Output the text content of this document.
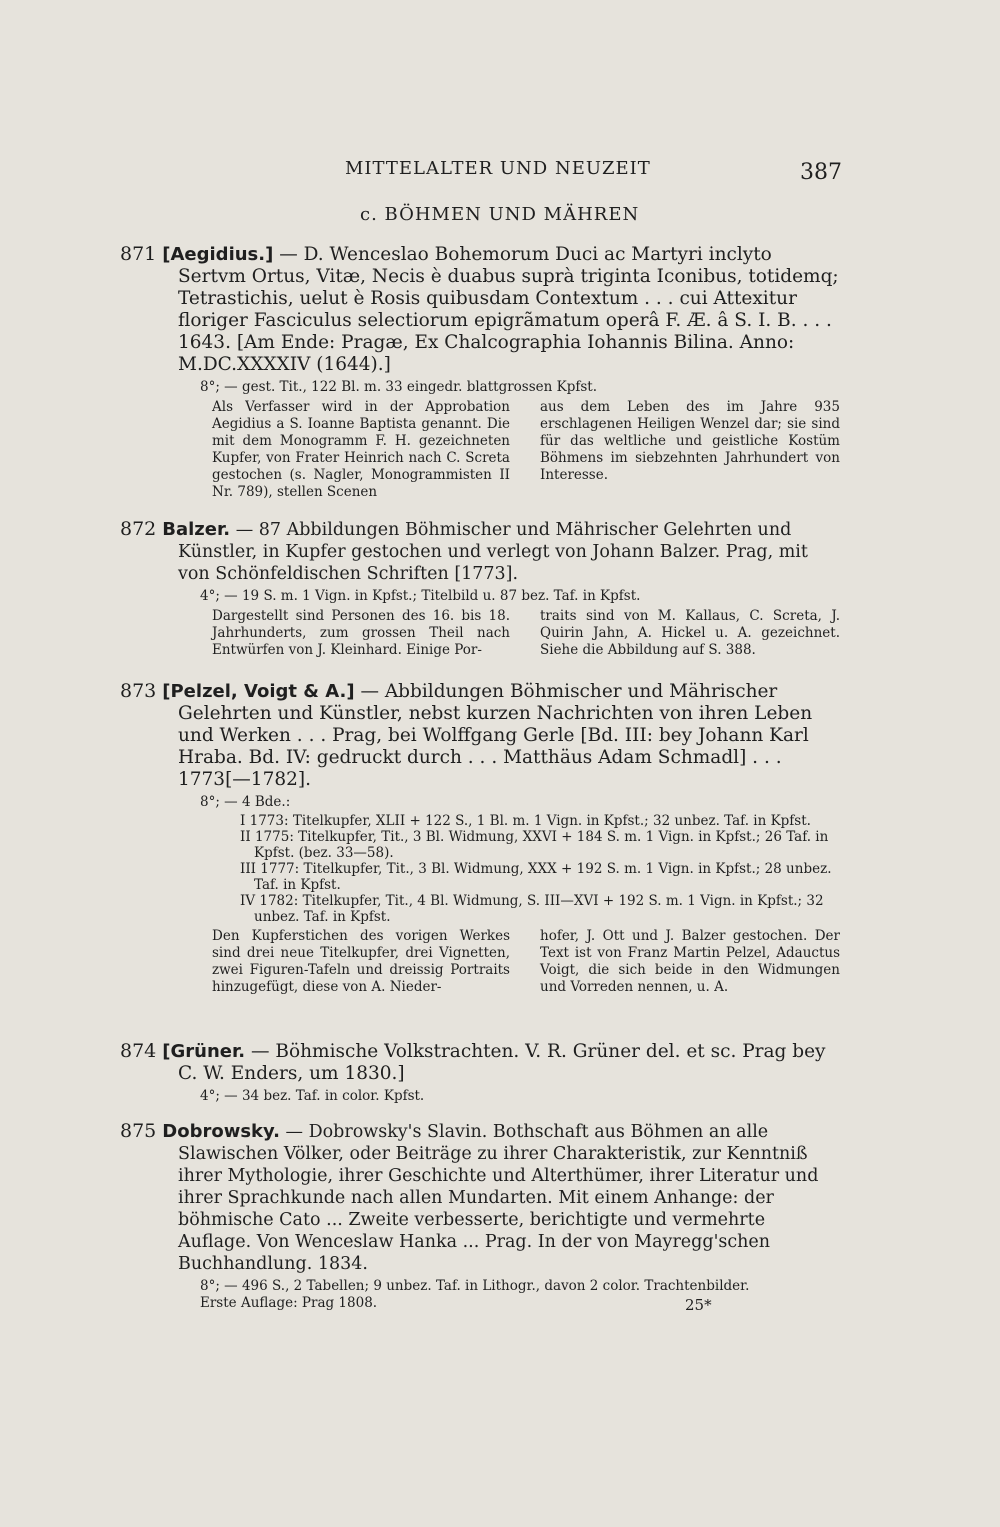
MITTELALTER UND NEUZEIT	387
c. BÖHMEN UND MÄHREN

871 [Aegidius.] — D. Wenceslao Bohemorum Duci ac Martyri inclyto Sertvm Ortus, Vitæ, Necis è duabus suprà triginta Iconibus, totidemq; Tetrastichis, uelut è Rosis quibusdam Contextum . . . cui Attexitur floriger Fasciculus selectiorum epigrãmatum operâ F. Æ. â S. I. B. . . . 1643. [Am Ende: Pragæ, Ex Chalcographia Iohannis Bilina. Anno: M.DC.XXXXIV (1644).]

8°; — gest. Tit., 122 Bl. m. 33 eingedr. blattgrossen Kpfst.
Als Verfasser wird in der Approbation Aegidius a S. Ioanne Baptista genannt. Die mit dem Monogramm F. H. gezeichneten Kupfer, von Frater Heinrich nach C. Screta gestochen (s. Nagler, Monogrammisten II Nr. 789), stellen Scenen
aus dem Leben des im Jahre 935 erschlagenen Heiligen Wenzel dar; sie sind für das weltliche und geistliche Kostüm Böhmens im siebzehnten Jahrhundert von Interesse.

872 Balzer. — 87 Abbildungen Böhmischer und Mährischer Gelehrten und Künstler, in Kupfer gestochen und verlegt von Johann Balzer. Prag, mit von Schönfeldischen Schriften [1773].

4°; — 19 S. m. 1 Vign. in Kpfst.; Titelbild u. 87 bez. Taf. in Kpfst.
Dargestellt sind Personen des 16. bis 18. Jahrhunderts, zum grossen Theil nach Entwürfen von J. Kleinhard. Einige Por-
traits sind von M. Kallaus, C. Screta, J. Quirin Jahn, A. Hickel u. A. gezeichnet. Siehe die Abbildung auf S. 388.

873 [Pelzel, Voigt & A.] — Abbildungen Böhmischer und Mährischer Gelehrten und Künstler, nebst kurzen Nachrichten von ihren Leben und Werken . . . Prag, bei Wolffgang Gerle [Bd. III: bey Johann Karl Hraba. Bd. IV: gedruckt durch . . . Matthäus Adam Schmadl] . . . 1773[—1782].

8°; — 4 Bde.:

I 1773: Titelkupfer, XLII + 122 S., 1 Bl. m. 1 Vign. in Kpfst.; 32 unbez. Taf. in Kpfst.

II 1775: Titelkupfer, Tit., 3 Bl. Widmung, XXVI + 184 S. m. 1 Vign. in Kpfst.; 26 Taf. in Kpfst. (bez. 33—58).

III 1777: Titelkupfer, Tit., 3 Bl. Widmung, XXX + 192 S. m. 1 Vign. in Kpfst.; 28 unbez. Taf. in Kpfst.

IV 1782: Titelkupfer, Tit., 4 Bl. Widmung, S. III—XVI + 192 S. m. 1 Vign. in Kpfst.; 32 unbez. Taf. in Kpfst.

Den Kupferstichen des vorigen Werkes sind drei neue Titelkupfer, drei Vignetten, zwei Figuren-Tafeln und dreissig Portraits hinzugefügt, diese von A. Nieder-
hofer, J. Ott und J. Balzer gestochen. Der Text ist von Franz Martin Pelzel, Adauctus Voigt, die sich beide in den Widmungen und Vorreden nennen, u. A.

874 [Grüner. — Böhmische Volkstrachten. V. R. Grüner del. et sc. Prag bey C. W. Enders, um 1830.]

4°; — 34 bez. Taf. in color. Kpfst.

875 Dobrowsky. — Dobrowsky's Slavin. Bothschaft aus Böhmen an alle Slawischen Völker, oder Beiträge zu ihrer Charakteristik, zur Kenntniß ihrer Mythologie, ihrer Geschichte und Alterthümer, ihrer Literatur und ihrer Sprachkunde nach allen Mundarten. Mit einem Anhange: der böhmische Cato ... Zweite verbesserte, berichtigte und vermehrte Auflage. Von Wenceslaw Hanka ... Prag. In der von Mayregg'schen Buchhandlung. 1834.

8°; — 496 S., 2 Tabellen; 9 unbez. Taf. in Lithogr., davon 2 color. Trachtenbilder.
Erste Auflage: Prag 1808.	25*
